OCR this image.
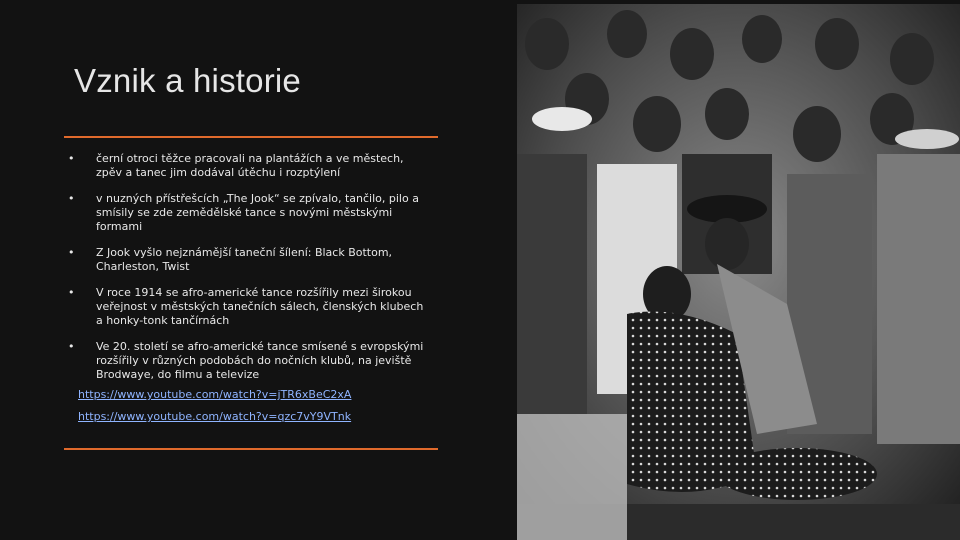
Vznik a historie
• černí otroci těžce pracovali na plantážích a ve městech, zpěv a tanec jim dodával útěchu i rozptýlení
• v nuzných přístřešcích „The Jook“ se zpívalo, tančilo, pilo a smísily se zde zemědělské tance s novými městskými formami
• Z Jook vyšlo nejznámější taneční šílení: Black Bottom, Charleston, Twist
• V roce 1914 se afro-americké tance rozšířily mezi širokou veřejnost v městských tanečních sálech, členských klubech a honky-tonk tančírnách
• Ve 20. století se afro-americké tance smísené s evropskými rozšířily v různých podobách do nočních klubů, na jeviště Brodwaye, do filmu a televize
https://www.youtube.com/watch?v=jTR6xBeC2xA
https://www.youtube.com/watch?v=qzc7vY9VTnk
